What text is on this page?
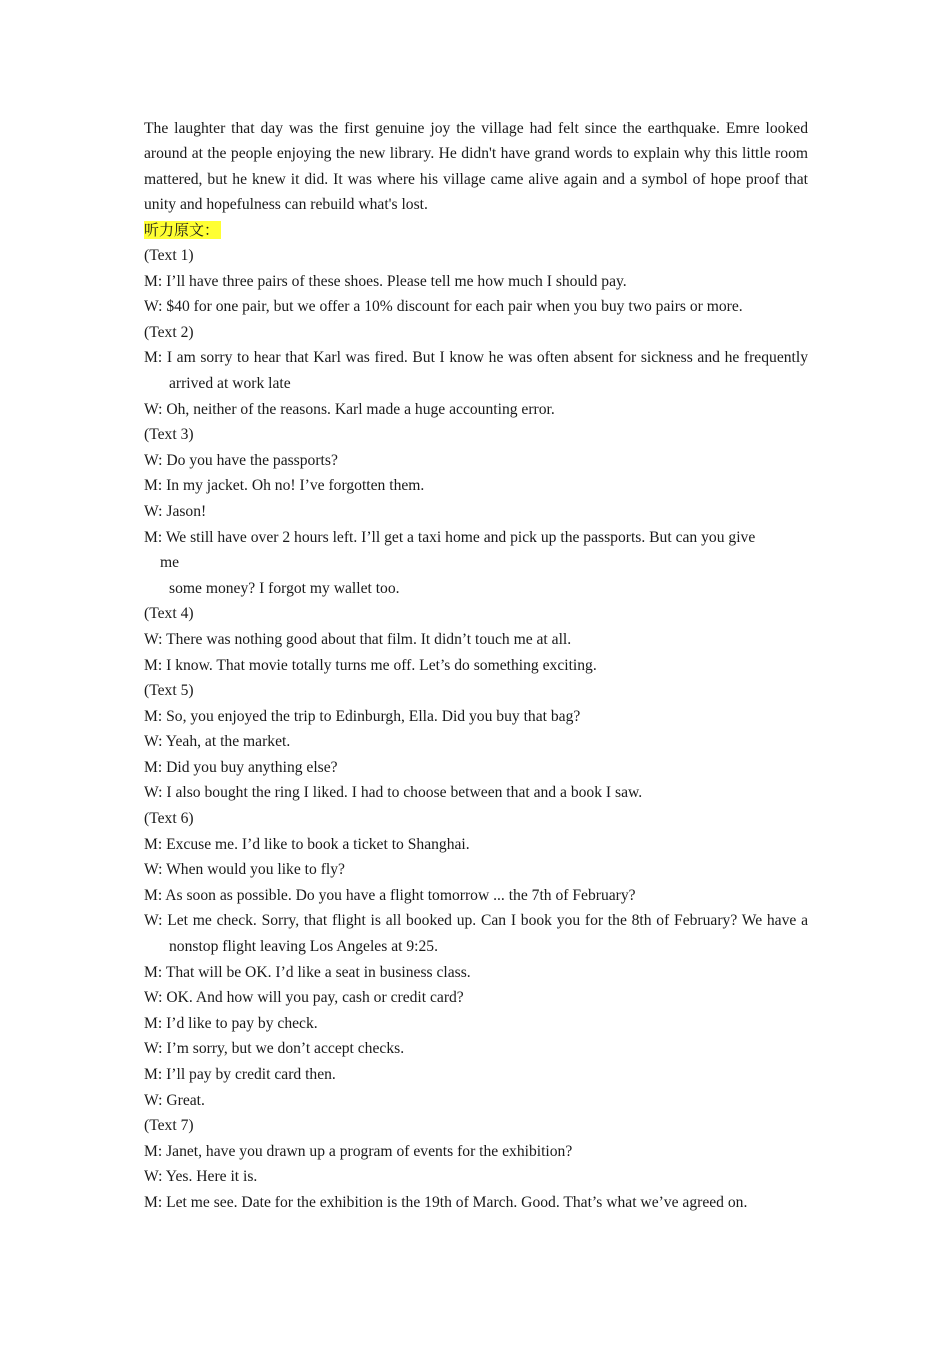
The laughter that day was the first genuine joy the village had felt since the earthquake. Emre looked around at the people enjoying the new library. He didn't have grand words to explain why this little room mattered, but he knew it did. It was where his village came alive again and a symbol of hope proof that unity and hopefulness can rebuild what's lost.

听力原文：

(Text 1)

M: I’ll have three pairs of these shoes. Please tell me how much I should pay.

W: $40 for one pair, but we offer a 10% discount for each pair when you buy two pairs or more.

(Text 2)

M: I am sorry to hear that Karl was fired. But I know he was often absent for sickness and he frequently arrived at work late

W: Oh, neither of the reasons. Karl made a huge accounting error.

(Text 3)

W: Do you have the passports?

M: In my jacket. Oh no! I’ve forgotten them.

W: Jason!

M: We still have over 2 hours left. I’ll get a taxi home and pick up the passports. But can you give

me

some money? I forgot my wallet too.

(Text 4)

W: There was nothing good about that film. It didn’t touch me at all.

M: I know. That movie totally turns me off. Let’s do something exciting.

(Text 5)

M: So, you enjoyed the trip to Edinburgh, Ella. Did you buy that bag?

W: Yeah, at the market.

M: Did you buy anything else?

W: I also bought the ring I liked. I had to choose between that and a book I saw.

(Text 6)

M: Excuse me. I’d like to book a ticket to Shanghai.

W: When would you like to fly?

M: As soon as possible. Do you have a flight tomorrow ... the 7th of February?

W: Let me check. Sorry, that flight is all booked up. Can I book you for the 8th of February? We have a nonstop flight leaving Los Angeles at 9:25.

M: That will be OK. I’d like a seat in business class.

W: OK. And how will you pay, cash or credit card?

M: I’d like to pay by check.

W: I’m sorry, but we don’t accept checks.

M: I’ll pay by credit card then.

W: Great.

(Text 7)

M: Janet, have you drawn up a program of events for the exhibition?

W: Yes. Here it is.

M: Let me see. Date for the exhibition is the 19th of March. Good. That’s what we’ve agreed on.
